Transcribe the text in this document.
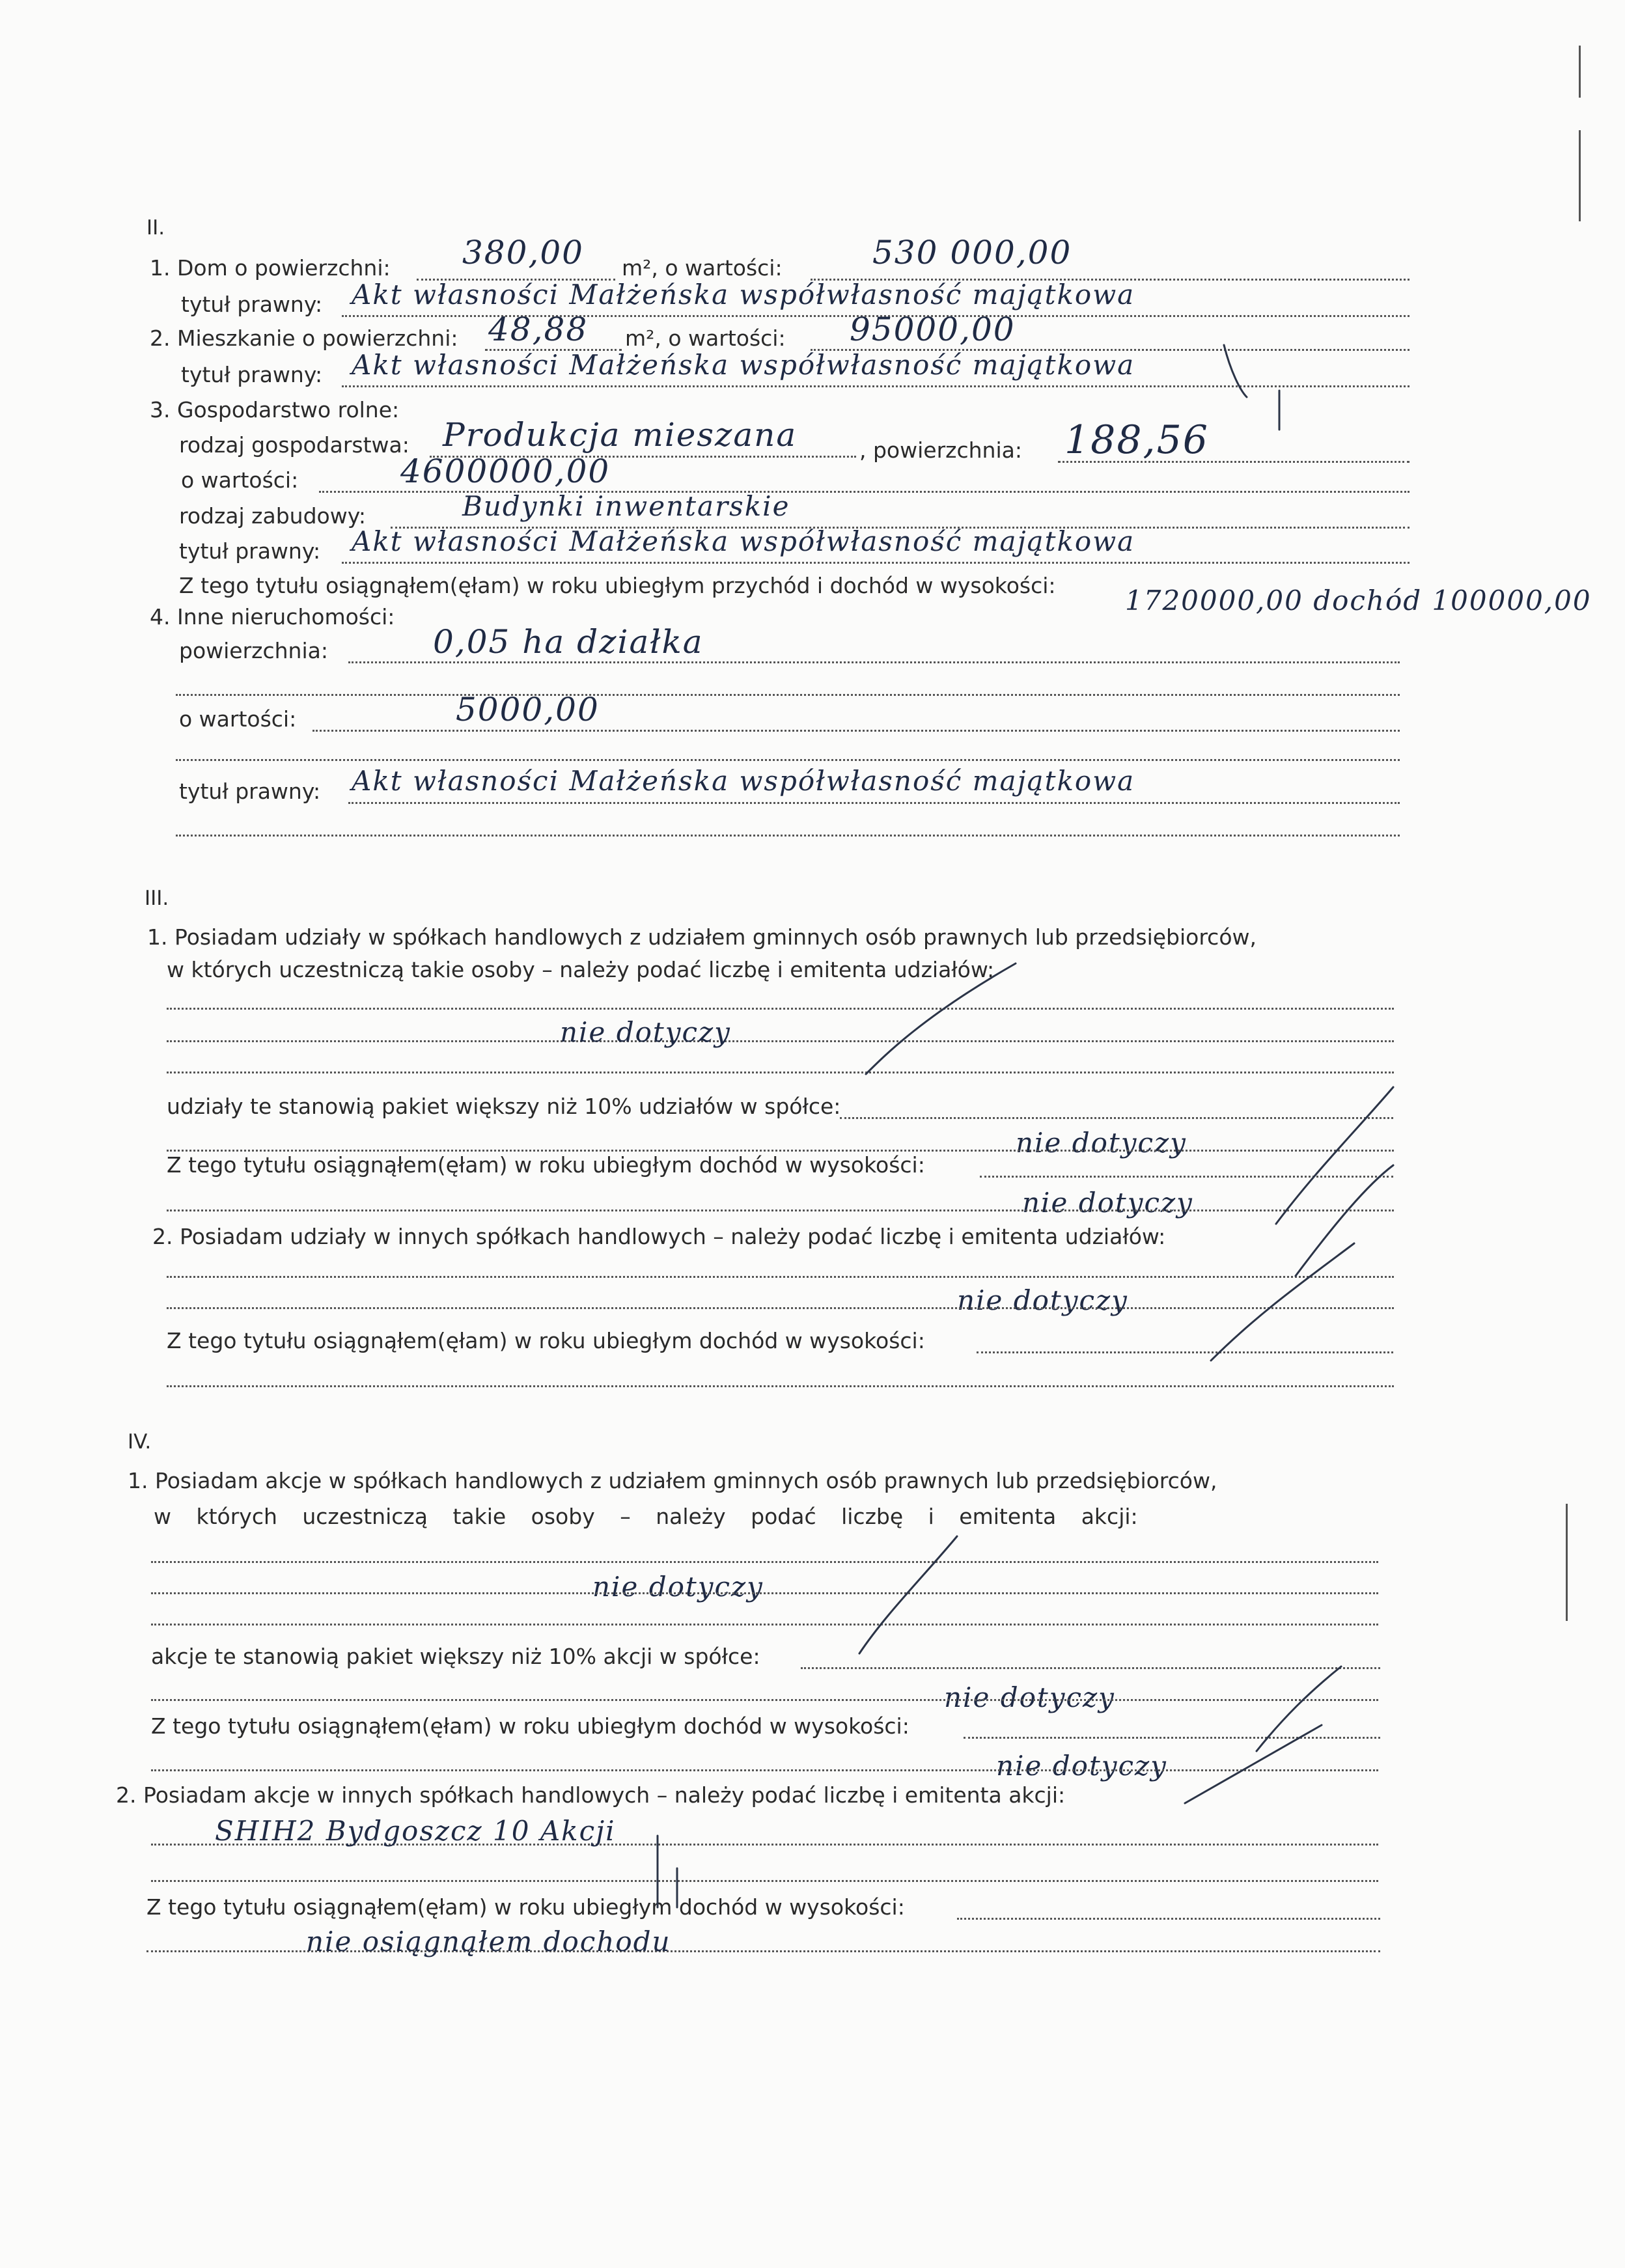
II.
1. Dom o powierzchni: 380,00 m², o wartości:	530 000,00
tytuł prawny: Akt własności Małżeńska współwłasność majątkowa
2. Mieszkanie o powierzchni: 48,88 m², o wartości: 95000,00
tytuł prawny: Akt własności Małżeńska współwłasność majątkowa
3. Gospodarstwo rolne:
rodzaj gospodarstwa: Produkcja mieszana	, powierzchnia: 188,56
o wartości:	4600000,00
rodzaj zabudowy:	Budynki inwentarskie
tytuł prawny: Akt własności Małżeńska współwłasność majątkowa
Z tego tytułu osiągnąłem(ęłam) w roku ubiegłym przychód i dochód w wysokości:	1720000,00 dochód 100000,00
4. Inne nieruchomości:
powierzchnia:	0,05 ha działka
o wartości:	5000,00
tytuł prawny: Akt własności Małżeńska współwłasność majątkowa
III.
1. Posiadam udziały w spółkach handlowych z udziałem gminnych osób prawnych lub przedsiębiorców,
w których uczestniczą takie osoby – należy podać liczbę i emitenta udziałów:
nie dotyczy
udziały te stanowią pakiet większy niż 10% udziałów w spółce:
nie dotyczy
Z tego tytułu osiągnąłem(ęłam) w roku ubiegłym dochód w wysokości:
nie dotyczy
2. Posiadam udziały w innych spółkach handlowych – należy podać liczbę i emitenta udziałów:
nie dotyczy
Z tego tytułu osiągnąłem(ęłam) w roku ubiegłym dochód w wysokości:
IV.
1. Posiadam akcje w spółkach handlowych z udziałem gminnych osób prawnych lub przedsiębiorców,
w których uczestniczą takie osoby – należy podać liczbę i emitenta akcji:
nie dotyczy
akcje te stanowią pakiet większy niż 10% akcji w spółce:
nie dotyczy
Z tego tytułu osiągnąłem(ęłam) w roku ubiegłym dochód w wysokości:
nie dotyczy
2. Posiadam akcje w innych spółkach handlowych – należy podać liczbę i emitenta akcji:
SHIH2 Bydgoszcz 10 Akcji
Z tego tytułu osiągnąłem(ęłam) w roku ubiegłym dochód w wysokości:
nie osiągnąłem dochodu
